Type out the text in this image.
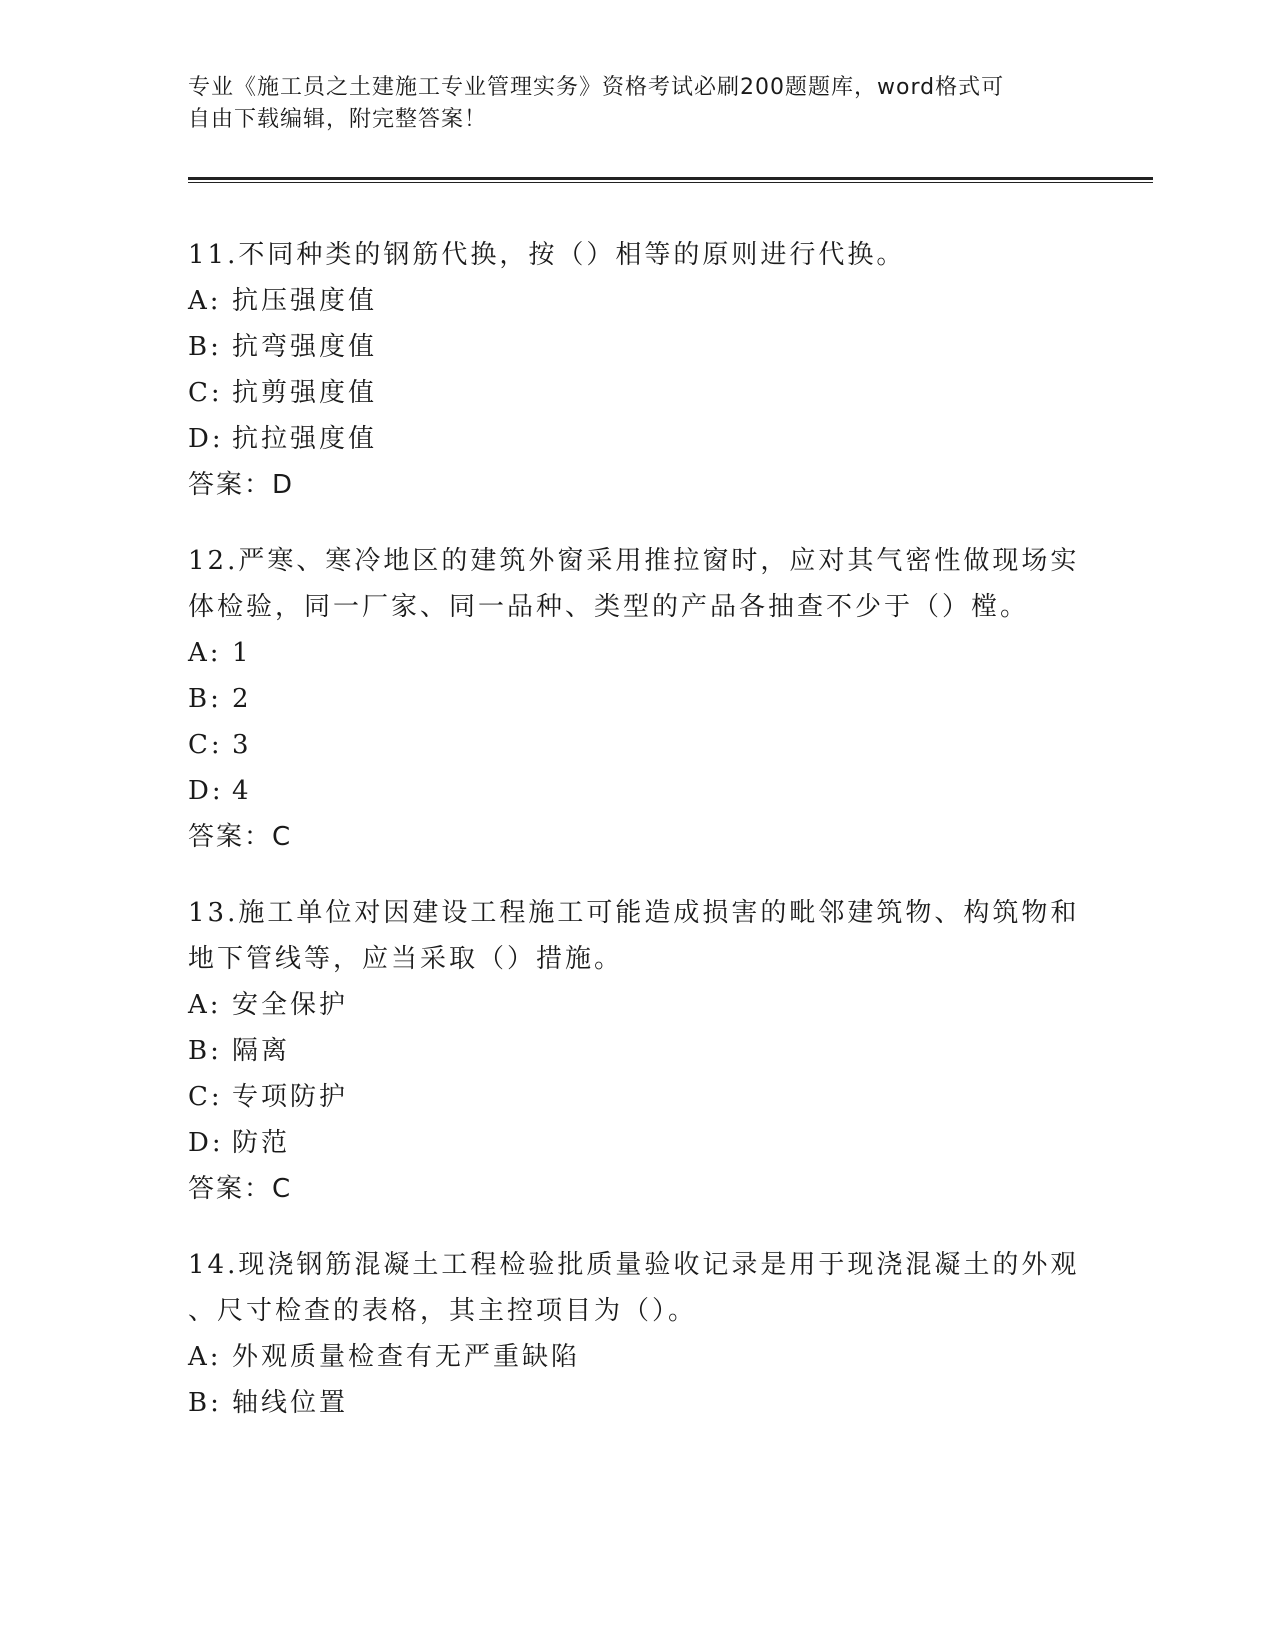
专业《施工员之土建施工专业管理实务》资格考试必刷200题题库，word格式可
自由下载编辑，附完整答案！
11.不同种类的钢筋代换，按（）相等的原则进行代换。
A: 抗压强度值
B: 抗弯强度值
C: 抗剪强度值
D: 抗拉强度值
答案：D
12.严寒、寒冷地区的建筑外窗采用推拉窗时，应对其气密性做现场实
体检验，同一厂家、同一品种、类型的产品各抽查不少于（）樘。
A: 1
B: 2
C: 3
D: 4
答案：C
13.施工单位对因建设工程施工可能造成损害的毗邻建筑物、构筑物和
地下管线等，应当采取（）措施。
A: 安全保护
B: 隔离
C: 专项防护
D: 防范
答案：C
14.现浇钢筋混凝土工程检验批质量验收记录是用于现浇混凝土的外观
、尺寸检查的表格，其主控项目为（）。
A: 外观质量检查有无严重缺陷
B: 轴线位置
